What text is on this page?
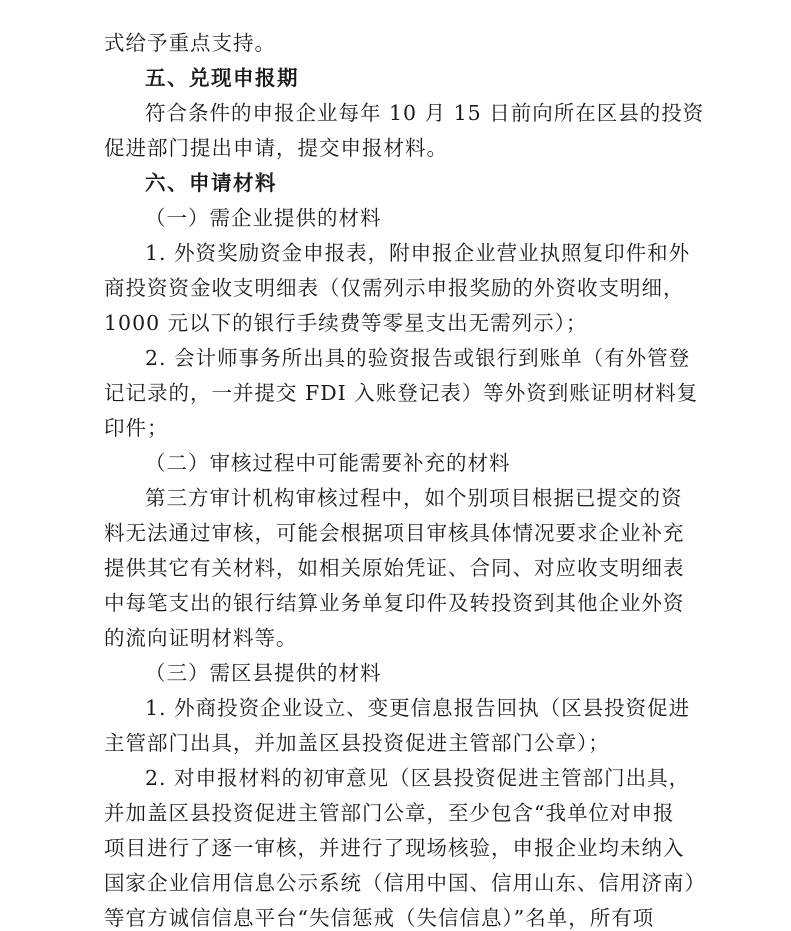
式给予重点支持。
五、兑现申报期
符合条件的申报企业每年 10 月 15 日前向所在区县的投资
促进部门提出申请，提交申报材料。
六、申请材料
（一）需企业提供的材料
1. 外资奖励资金申报表，附申报企业营业执照复印件和外
商投资资金收支明细表（仅需列示申报奖励的外资收支明细，
1000 元以下的银行手续费等零星支出无需列示）；
2. 会计师事务所出具的验资报告或银行到账单（有外管登
记记录的，一并提交 FDI 入账登记表）等外资到账证明材料复
印件；
（二）审核过程中可能需要补充的材料
第三方审计机构审核过程中，如个别项目根据已提交的资
料无法通过审核，可能会根据项目审核具体情况要求企业补充
提供其它有关材料，如相关原始凭证、合同、对应收支明细表
中每笔支出的银行结算业务单复印件及转投资到其他企业外资
的流向证明材料等。
（三）需区县提供的材料
1. 外商投资企业设立、变更信息报告回执（区县投资促进
主管部门出具，并加盖区县投资促进主管部门公章）；
2. 对申报材料的初审意见（区县投资促进主管部门出具，
并加盖区县投资促进主管部门公章，至少包含“我单位对申报
项目进行了逐一审核，并进行了现场核验，申报企业均未纳入
国家企业信用信息公示系统（信用中国、信用山东、信用济南）
等官方诚信信息平台“失信惩戒（失信信息）”名单，所有项
